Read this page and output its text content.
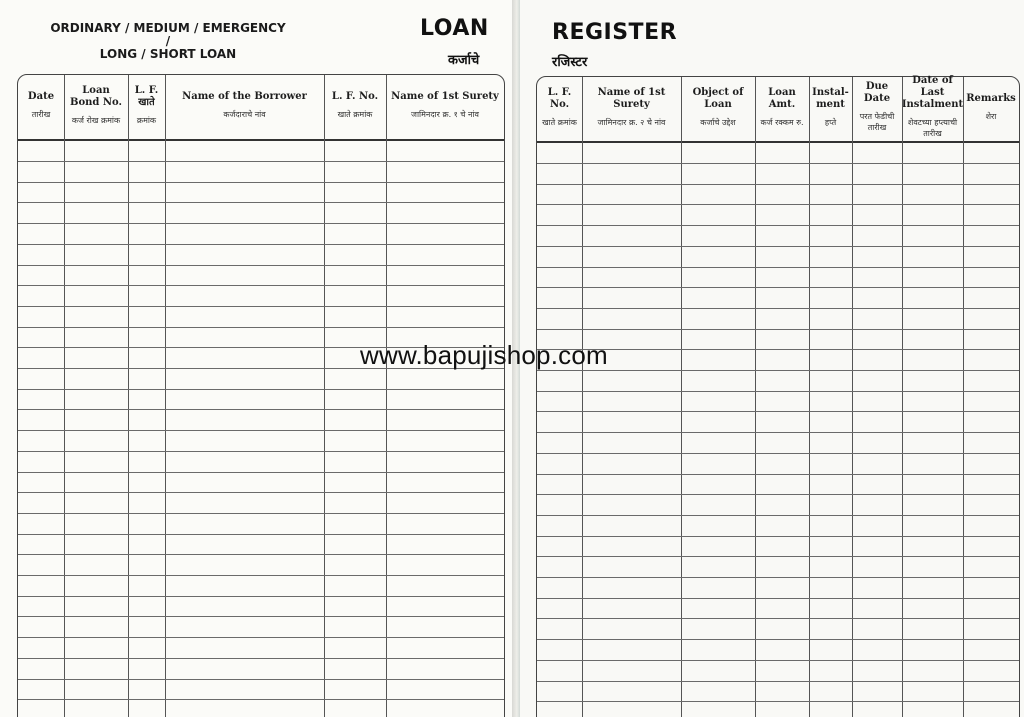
ORDINARY / MEDIUM / EMERGENCY /
LONG / SHORT LOAN
LOAN
कर्जाचे
Date
तारीख
Loan Bond No.
कर्ज रोख क्रमांक
L. F. खाते
क्रमांक
Name of the Borrower
कर्जदाराचे नांव
L. F. No.
खाते क्रमांक
Name of 1st Surety
जामिनदार क्र. १ चे नांव
REGISTER
रजिस्टर
L. F. No.
खाते क्रमांक
Name of 1st Surety
जामिनदार क्र. २ चे नांव
Object of Loan
कर्जाचे उद्देश
Loan Amt.
कर्ज रक्कम रु.
Instal-ment
हप्ते
Due Date
परत फेडीची तारीख
Date of Last Instalment
शेवटच्या हप्त्याची तारीख
Remarks
शेरा
www.bapujishop.com
